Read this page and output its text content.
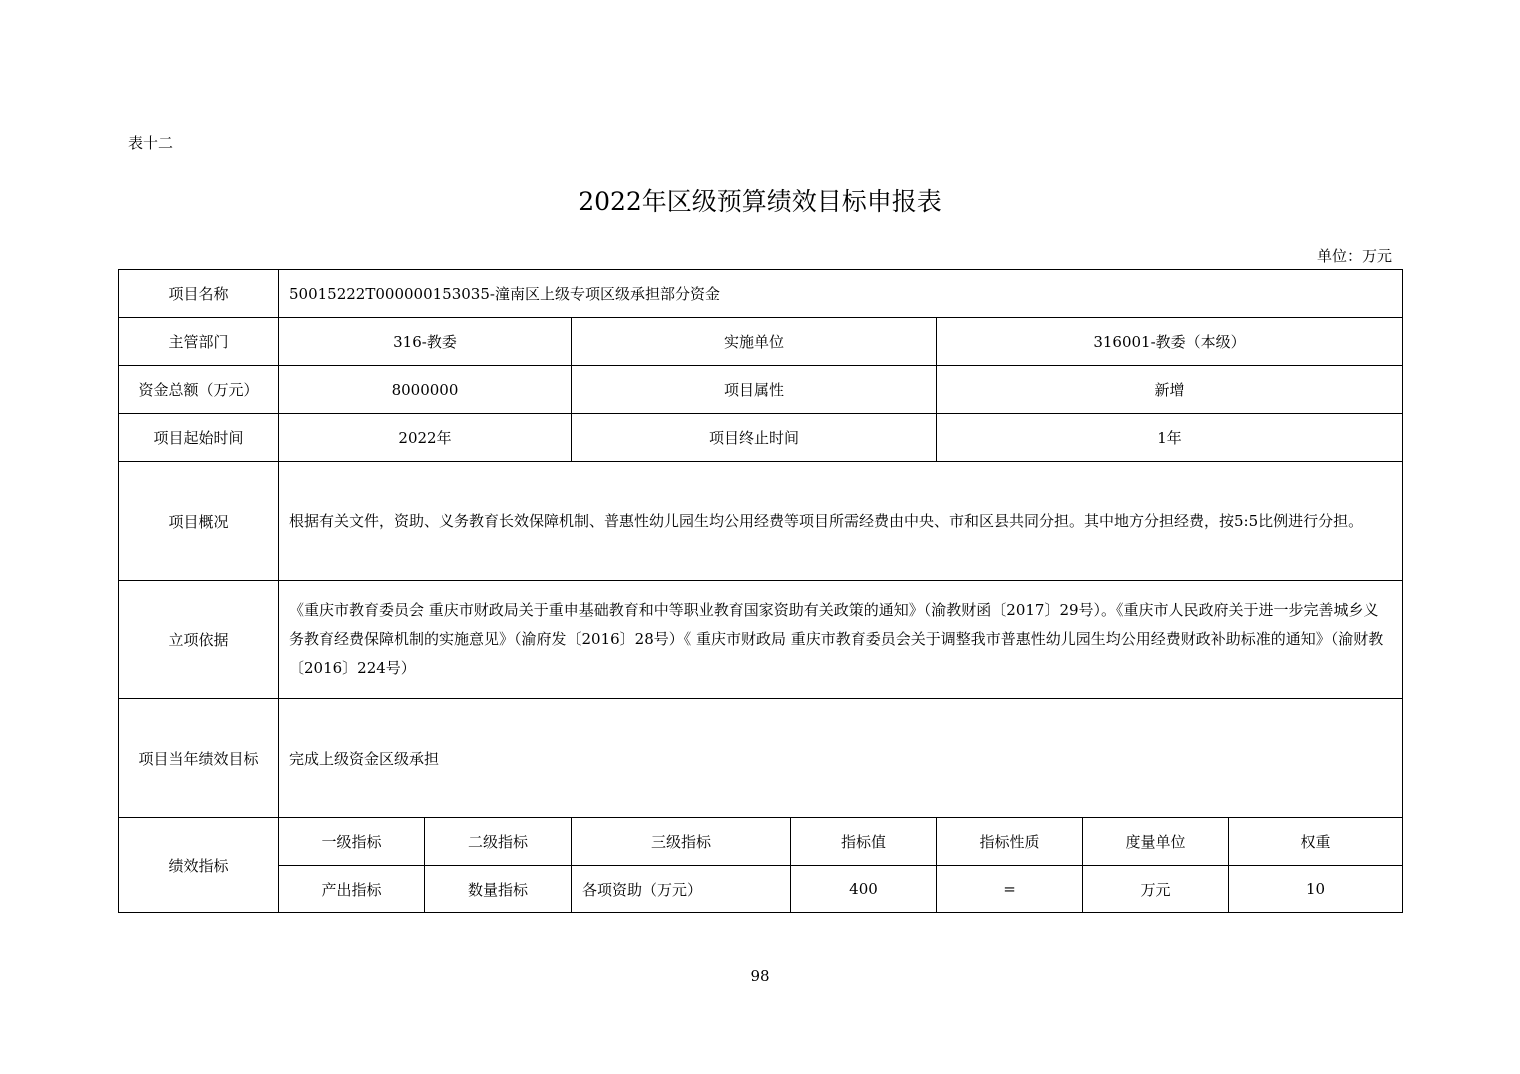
表十二
2022年区级预算绩效目标申报表
单位：万元
项目名称	50015222T000000153035-潼南区上级专项区级承担部分资金						
主管部门	316-教委		实施单位		316001-教委（本级）		
资金总额（万元）	8000000		项目属性		新增		
项目起始时间	2022年		项目终止时间		1年		
项目概况	根据有关文件，资助、义务教育长效保障机制、普惠性幼儿园生均公用经费等项目所需经费由中央、市和区县共同分担。其中地方分担经费，按5:5比例进行分担。						
立项依据	《重庆市教育委员会 重庆市财政局关于重申基础教育和中等职业教育国家资助有关政策的通知》（渝教财函〔2017〕29号）。《重庆市人民政府关于进一步完善城乡义务教育经费保障机制的实施意见》（渝府发〔2016〕28号）《 重庆市财政局 重庆市教育委员会关于调整我市普惠性幼儿园生均公用经费财政补助标准的通知》（渝财教〔2016〕224号）						
项目当年绩效目标	完成上级资金区级承担						
绩效指标	一级指标	二级指标	三级指标	指标值	指标性质	度量单位	权重
	产出指标	数量指标	各项资助（万元）	400	=	万元	10
98
